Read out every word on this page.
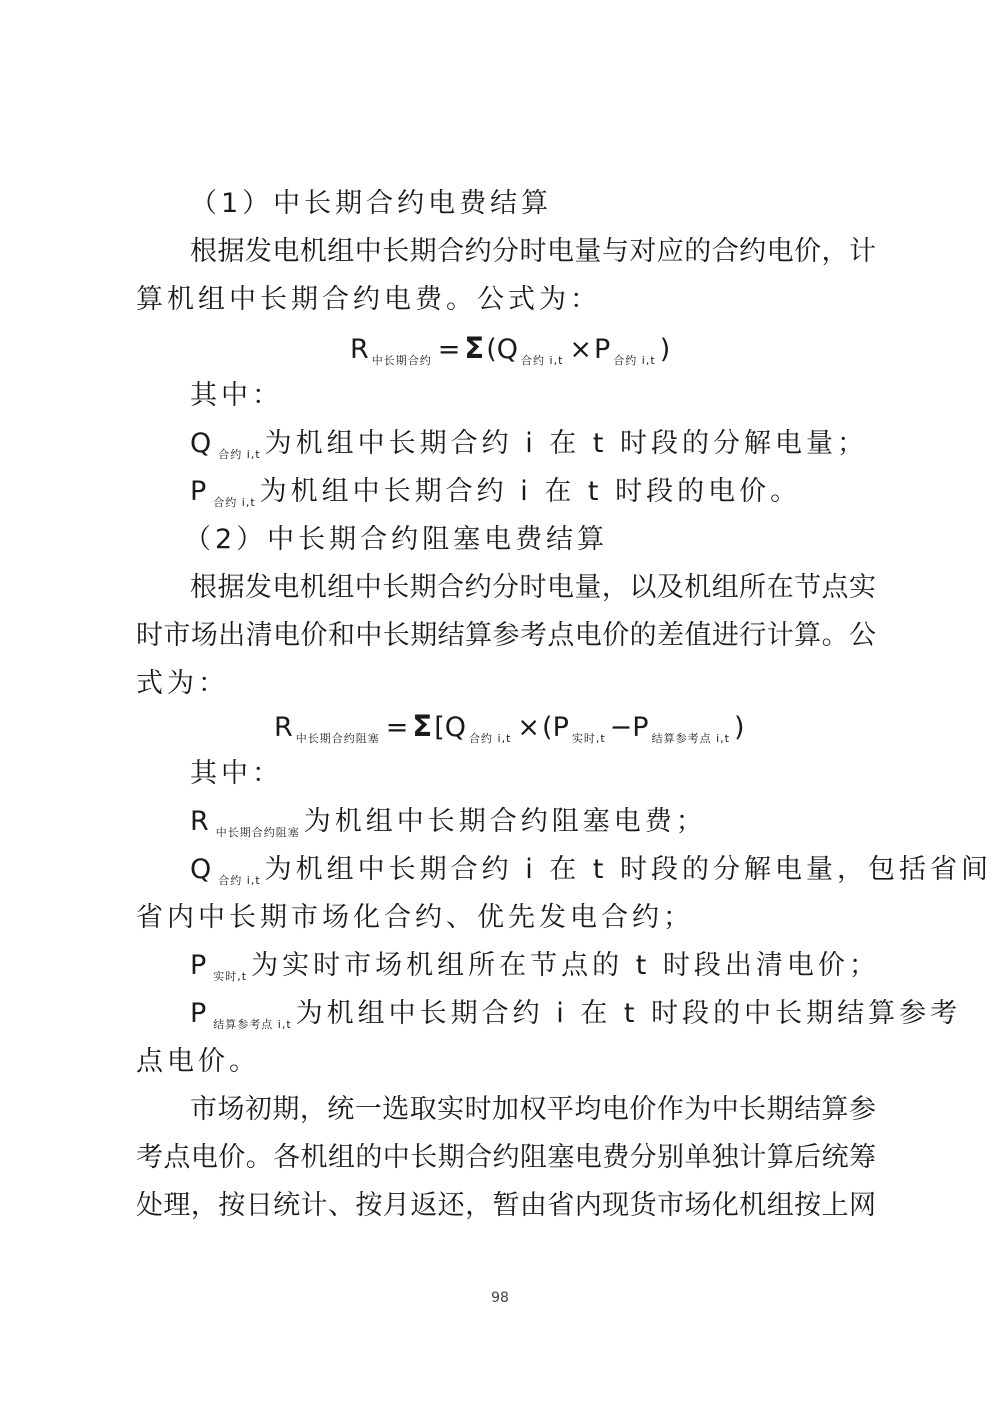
（1）中长期合约电费结算

根据发电机组中长期合约分时电量与对应的合约电价，计

算机组中长期合约电费。公式为：

R $_{中长期合约}$ = Σ(Q $_{合约 i,t}$ ×P $_{合约 i,t}$ )

其中：

Q $_{合约 i,t}$ 为机组中长期合约 i 在 t 时段的分解电量；

P $_{合约 i,t}$ 为机组中长期合约 i 在 t 时段的电价。

（2）中长期合约阻塞电费结算

根据发电机组中长期合约分时电量，以及机组所在节点实

时市场出清电价和中长期结算参考点电价的差值进行计算。公

式为：

R $_{中长期合约阻塞}$ = Σ[Q $_{合约 i,t}$ ×(P $_{实时,t}$ −P $_{结算参考点 i,t}$ )

其中：

R $_{中长期合约阻塞}$ 为机组中长期合约阻塞电费；

Q $_{合约 i,t}$ 为机组中长期合约 i 在 t 时段的分解电量，包括省间

省内中长期市场化合约、优先发电合约；

P $_{实时,t}$ 为实时市场机组所在节点的 t 时段出清电价；

P $_{结算参考点 i,t}$ 为机组中长期合约 i 在 t 时段的中长期结算参考

点电价。

市场初期，统一选取实时加权平均电价作为中长期结算参

考点电价。各机组的中长期合约阻塞电费分别单独计算后统筹

处理，按日统计、按月返还，暂由省内现货市场化机组按上网

98
